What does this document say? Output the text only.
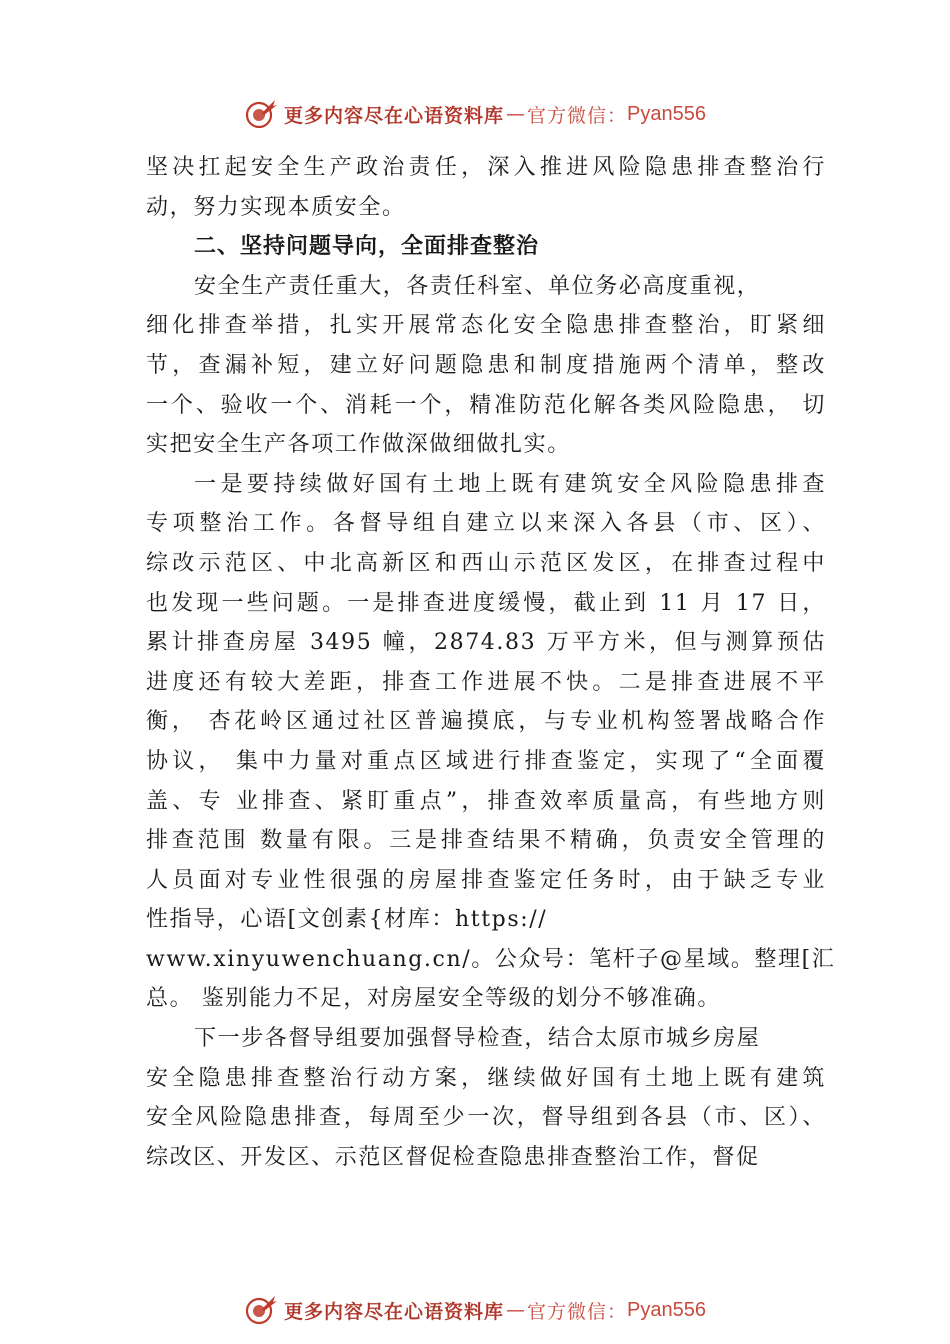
更多内容尽在心语资料库 — 官方微信： Pyan556
坚决扛起安全生产政治责任，深入推进风险隐患排查整治行
动，努力实现本质安全。
二、坚持问题导向，全面排查整治
安全生产责任重大，各责任科室、单位务必高度重视，
细化排查举措，扎实开展常态化安全隐患排查整治，盯紧细
节，查漏补短，建立好问题隐患和制度措施两个清单，整改
一个、验收一个、消耗一个，精准防范化解各类风险隐患， 切
实把安全生产各项工作做深做细做扎实。
一是要持续做好国有土地上既有建筑安全风险隐患排查
专项整治工作。各督导组自建立以来深入各县（市、区）、
综改示范区、中北高新区和西山示范区发区，在排查过程中
也发现一些问题。一是排查进度缓慢，截止到 11 月 17 日，
累计排查房屋 3495 幢，2874.83 万平方米，但与测算预估
进度还有较大差距，排查工作进展不快。二是排查进展不平
衡， 杏花岭区通过社区普遍摸底，与专业机构签署战略合作
协议， 集中力量对重点区域进行排查鉴定，实现了“全面覆
盖、专 业排查、紧盯重点”，排查效率质量高，有些地方则
排查范围 数量有限。三是排查结果不精确，负责安全管理的
人员面对专业性很强的房屋排查鉴定任务时，由于缺乏专业
性指导，心语[文创素{材库：https://
www.xinyuwenchuang.cn/。公众号：笔杆子@星域。整理[汇
总。 鉴别能力不足，对房屋安全等级的划分不够准确。
下一步各督导组要加强督导检查，结合太原市城乡房屋
安全隐患排查整治行动方案，继续做好国有土地上既有建筑
安全风险隐患排查，每周至少一次，督导组到各县（市、区）、
综改区、开发区、示范区督促检查隐患排查整治工作，督促
更多内容尽在心语资料库 — 官方微信： Pyan556
